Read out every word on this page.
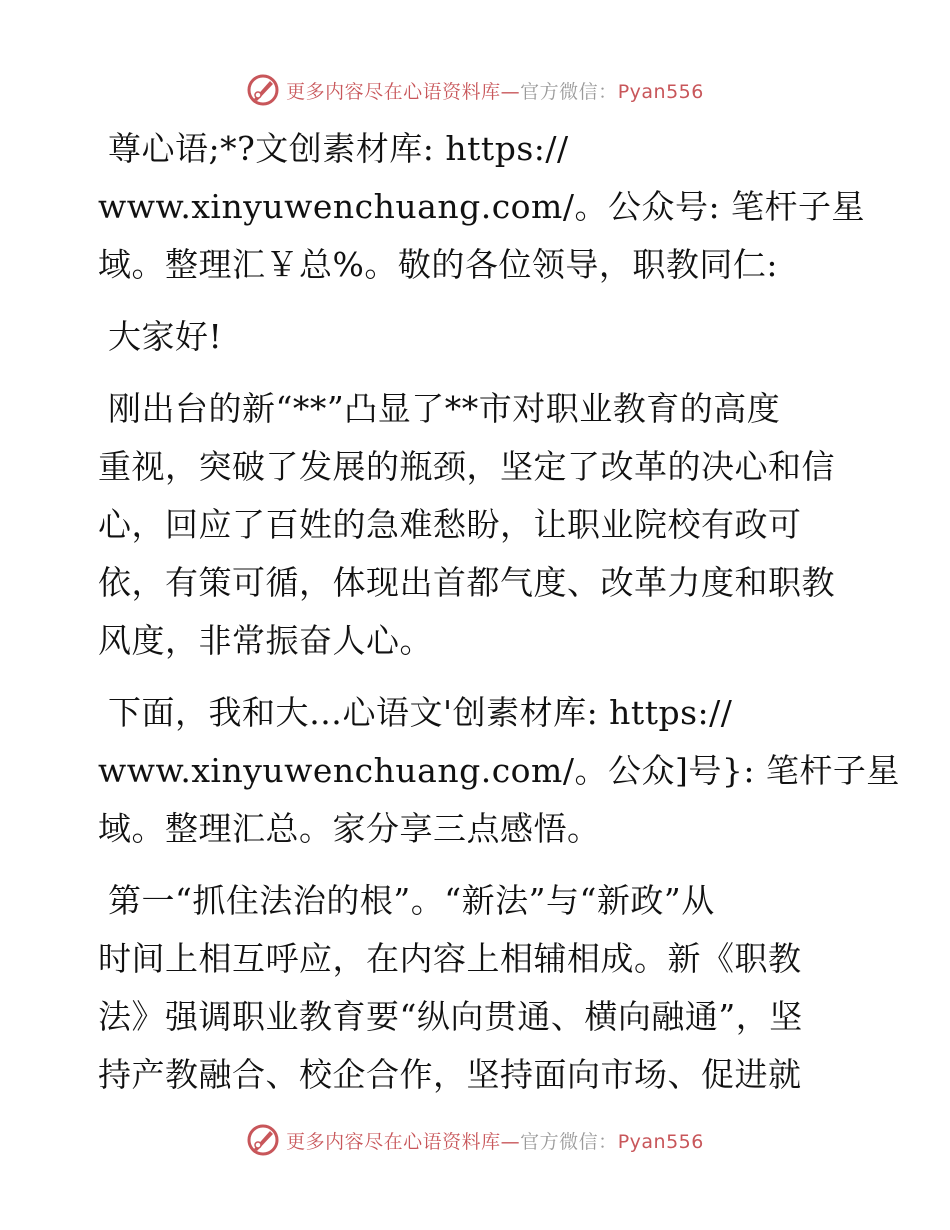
更多内容尽在心语资料库—官方微信：Pyan556

尊心语;*?文创素材库: https://
www.xinyuwenchuang.com/。公众号: 笔杆子星
域。整理汇￥总%。敬的各位领导，职教同仁:

大家好!

刚出台的新“**”凸显了**市对职业教育的高度
重视，突破了发展的瓶颈，坚定了改革的决心和信
心，回应了百姓的急难愁盼，让职业院校有政可
依，有策可循，体现出首都气度、改革力度和职教
风度，非常振奋人心。

下面，我和大…心语文'创素材库: https://
www.xinyuwenchuang.com/。公众]号}: 笔杆子星
域。整理汇总。家分享三点感悟。

第一“抓住法治的根”。“新法”与“新政”从
时间上相互呼应，在内容上相辅相成。新《职教
法》强调职业教育要“纵向贯通、横向融通”，坚
持产教融合、校企合作，坚持面向市场、促进就

更多内容尽在心语资料库—官方微信：Pyan556
